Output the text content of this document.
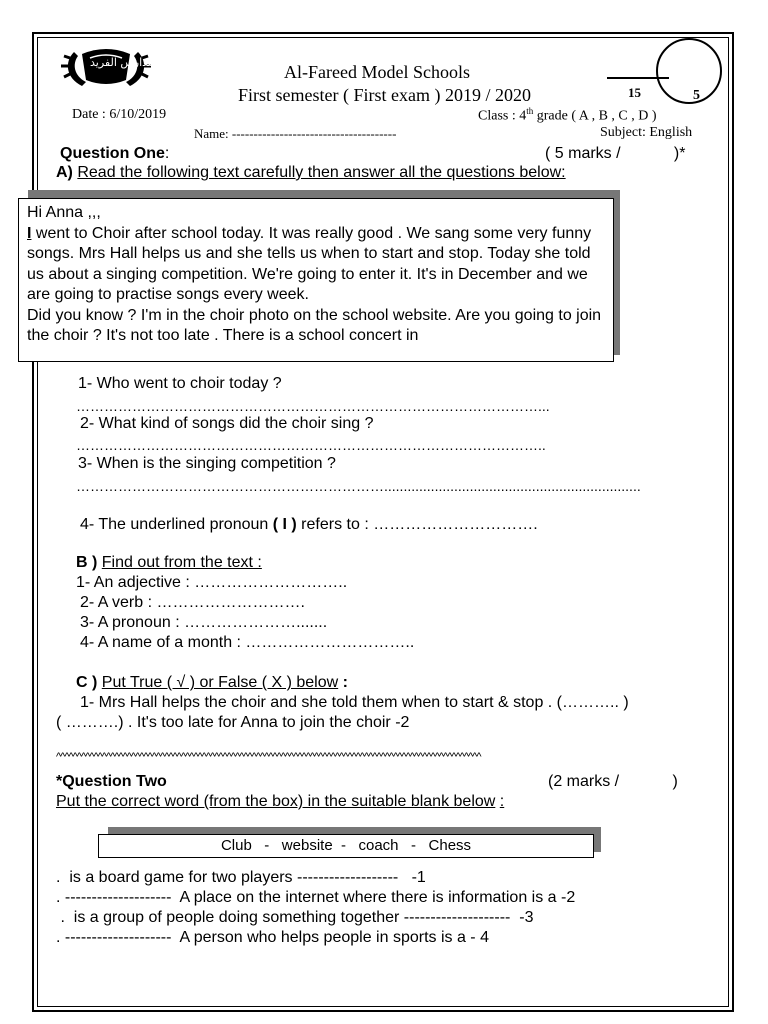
مدارس الفريد	Al-Fareed Model Schools
First semester ( First exam ) 2019 / 2020
Date : 6/10/2019	Class : 4th grade ( A , B , C , D )
Name: --------------------------------------	Subject: English
15	5
Question One:	( 5 marks /            )*
A) Read the following text carefully then answer all the questions below:
Hi Anna ,,,
I went to Choir after school today. It was really good . We sang some very funny songs. Mrs Hall helps us and she tells us when to start and stop. Today she told us about a singing competition. We're going to enter it. It's in December and we are going to practise songs every week.
Did you know ? I'm in the choir photo on the school website. Are you going to join the choir ? It's not too late . There is a school concert in
1- Who went to choir today ?
………………………………………………………………………………………...
2- What kind of songs did the choir sing ?
………………………………………………………………………………………..
3- When is the singing competition ?
…………………………………………………………..................................................................
4- The underlined pronoun ( I ) refers to : ………………………….
B ) Find out from the text :
1- An adjective : ………………………..
2- A verb : ……………………….
3- A pronoun : ………………….......
4- A name of a month : …………………………..
C ) Put True ( √ ) or False ( X ) below :
1- Mrs Hall helps the choir and she told them when to start & stop . (……….. )
( ……….) . It's too late for Anna to join the choir -2
^^^^^^^^^^^^^^^^^^^^^^^^^^^^^^^^^^^^^^^^^^^^^^^^^^^^^^^^^^^^^^^^^^^^^^^^^^^^^^^^^^^^^^^^^^^^^^^^^^^^^^
*Question Two	(2 marks /            )
Put the correct word (from the box) in the suitable blank below :
Club   -   website  -   coach   -   Chess
.  is a board game for two players -------------------   -1
. --------------------  A place on the internet where there is information is a -2
.  is a group of people doing something together --------------------  -3
. --------------------  A person who helps people in sports is a - 4
